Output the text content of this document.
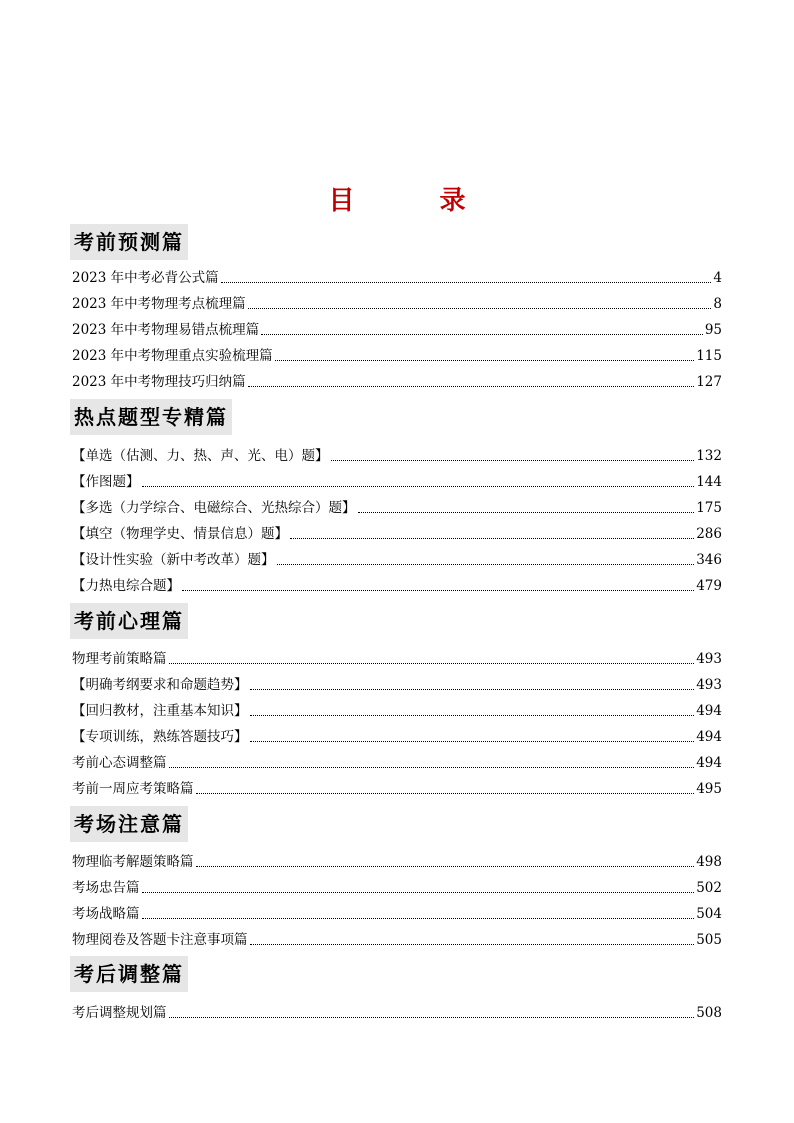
目 录
考前预测篇
2023 年中考必背公式篇	4
2023 年中考物理考点梳理篇	8
2023 年中考物理易错点梳理篇	95
2023 年中考物理重点实验梳理篇	115
2023 年中考物理技巧归纳篇	127
热点题型专精篇
【单选（估测、力、热、声、光、电）题】	132
【作图题】	144
【多选（力学综合、电磁综合、光热综合）题】	175
【填空（物理学史、情景信息）题】	286
【设计性实验（新中考改革）题】	346
【力热电综合题】	479
考前心理篇
物理考前策略篇	493
【明确考纲要求和命题趋势】	493
【回归教材，注重基本知识】	494
【专项训练，熟练答题技巧】	494
考前心态调整篇	494
考前一周应考策略篇	495
考场注意篇
物理临考解题策略篇	498
考场忠告篇	502
考场战略篇	504
物理阅卷及答题卡注意事项篇	505
考后调整篇
考后调整规划篇	508
